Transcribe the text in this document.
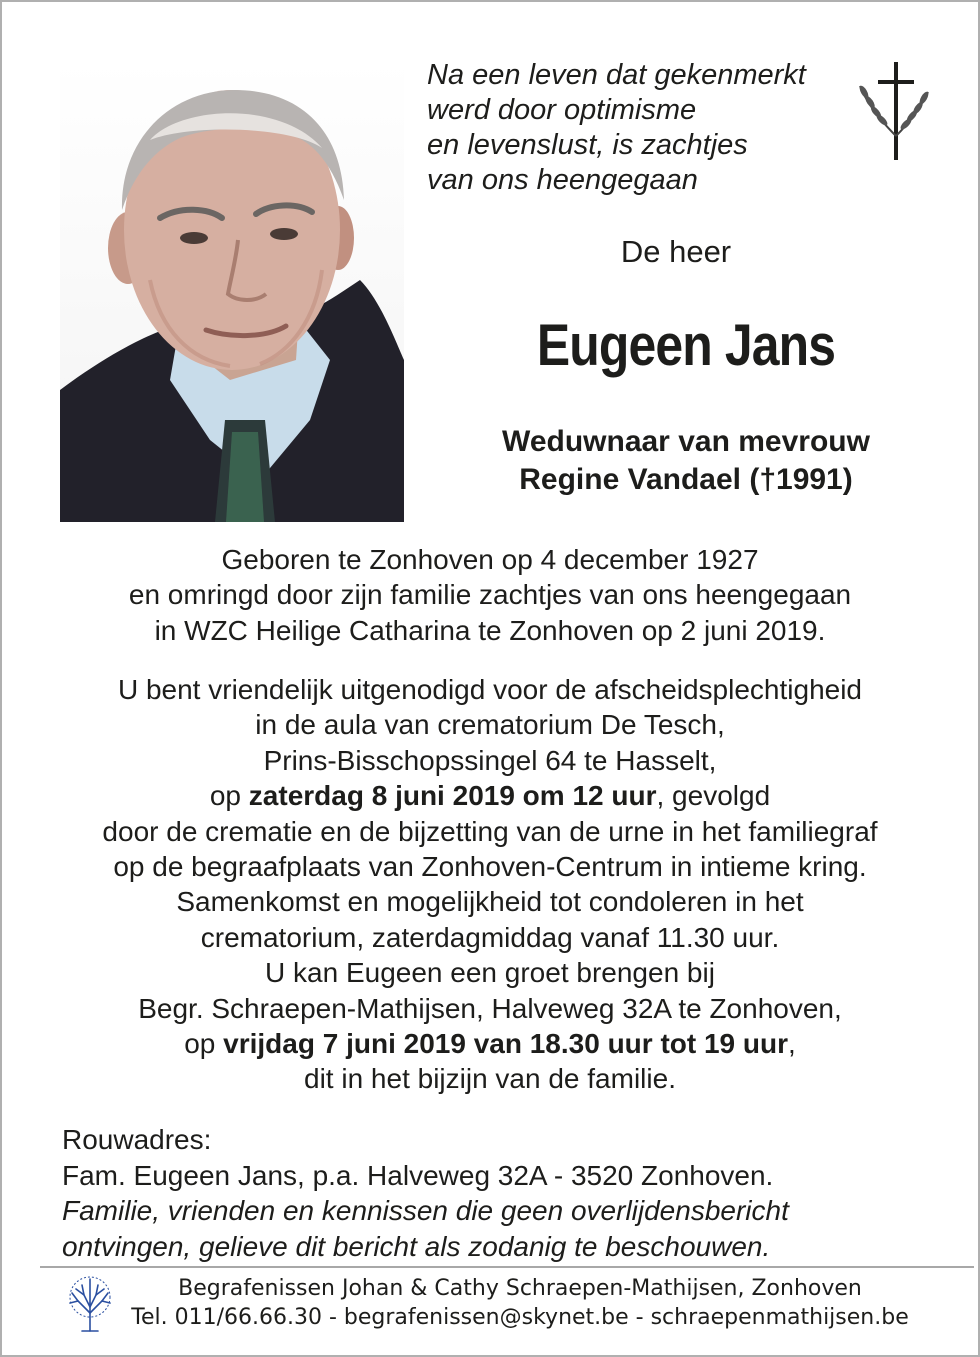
Na een leven dat gekenmerkt
werd door optimisme
en levenslust, is zachtjes
van ons heengegaan
De heer
Eugeen Jans
Weduwnaar van mevrouw
Regine Vandael (†1991)
Geboren te Zonhoven op 4 december 1927
en omringd door zijn familie zachtjes van ons heengegaan
in WZC Heilige Catharina te Zonhoven op 2 juni 2019.
U bent vriendelijk uitgenodigd voor de afscheidsplechtigheid
in de aula van crematorium De Tesch,
Prins-Bisschopssingel 64 te Hasselt,
op zaterdag 8 juni 2019 om 12 uur, gevolgd
door de crematie en de bijzetting van de urne in het familiegraf
op de begraafplaats van Zonhoven-Centrum in intieme kring.
Samenkomst en mogelijkheid tot condoleren in het
crematorium, zaterdagmiddag vanaf 11.30 uur.
U kan Eugeen een groet brengen bij
Begr. Schraepen-Mathijsen, Halveweg 32A te Zonhoven,
op vrijdag 7 juni 2019 van 18.30 uur tot 19 uur,
dit in het bijzijn van de familie.
Rouwadres:
Fam. Eugeen Jans, p.a. Halveweg 32A - 3520 Zonhoven.
Familie, vrienden en kennissen die geen overlijdensbericht
ontvingen, gelieve dit bericht als zodanig te beschouwen.
Begrafenissen Johan & Cathy Schraepen-Mathijsen, Zonhoven
Tel. 011/66.66.30 - begrafenissen@skynet.be - schraepenmathijsen.be
